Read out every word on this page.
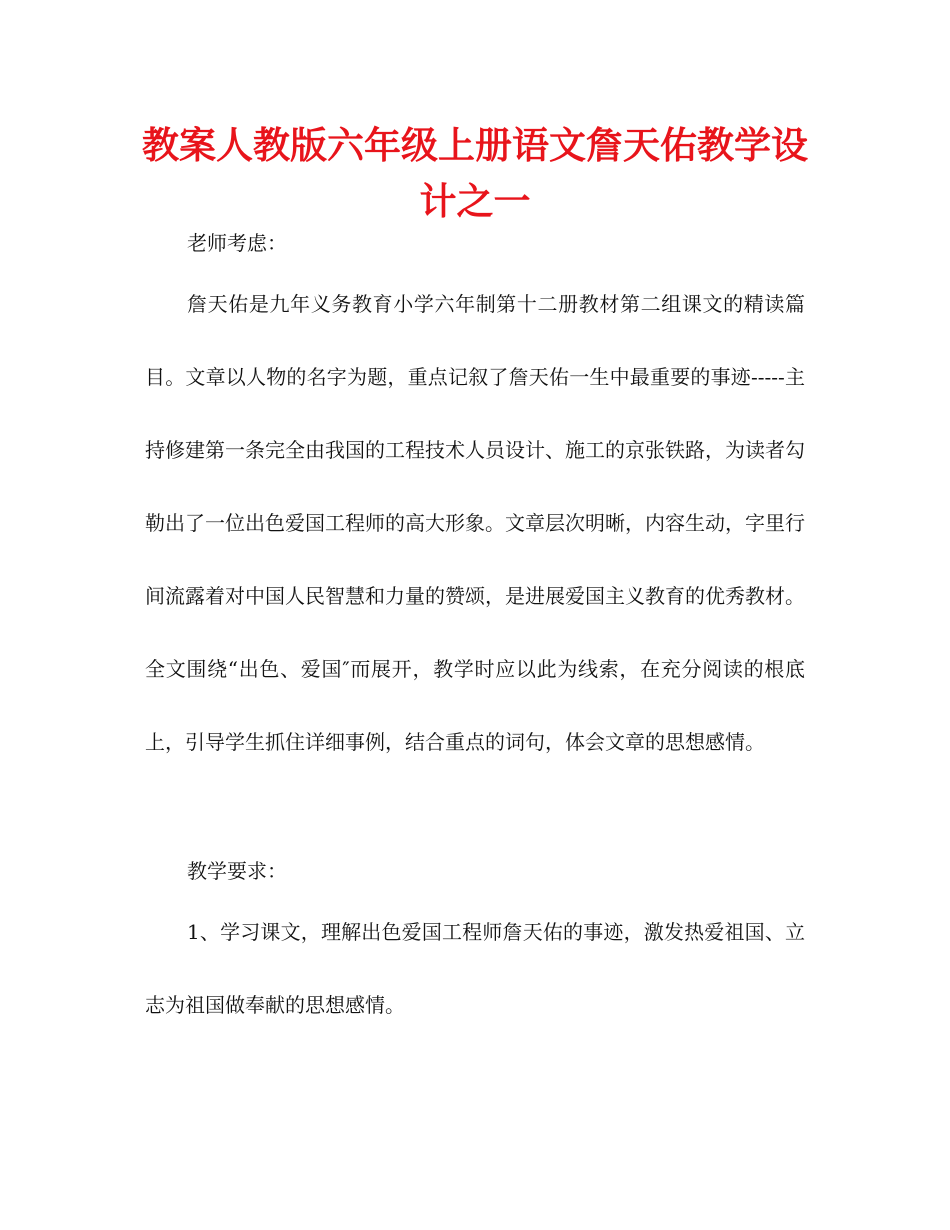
教案人教版六年级上册语文詹天佑教学设计之一

老师考虑：

詹天佑是九年义务教育小学六年制第十二册教材第二组课文的精读篇目。文章以人物的名字为题，重点记叙了詹天佑一生中最重要的事迹-----主持修建第一条完全由我国的工程技术人员设计、施工的京张铁路，为读者勾勒出了一位出色爱国工程师的高大形象。文章层次明晰，内容生动，字里行间流露着对中国人民智慧和力量的赞颂，是进展爱国主义教育的优秀教材。全文围绕“出色、爱国″而展开，教学时应以此为线索，在充分阅读的根底上，引导学生抓住详细事例，结合重点的词句，体会文章的思想感情。

教学要求：

1、学习课文，理解出色爱国工程师詹天佑的事迹，激发热爱祖国、立志为祖国做奉献的思想感情。
